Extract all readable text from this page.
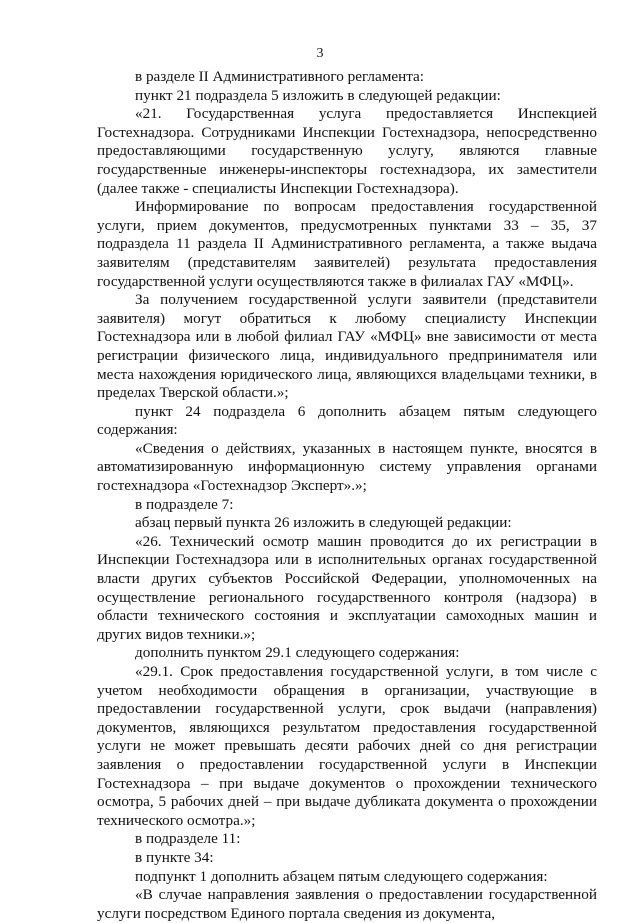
3

в разделе II Административного регламента:

пункт 21 подраздела 5 изложить в следующей редакции:

«21. Государственная услуга предоставляется Инспекцией Гостехнадзора. Сотрудниками Инспекции Гостехнадзора, непосредственно предоставляющими государственную услугу, являются главные государственные инженеры-инспекторы гостехнадзора, их заместители (далее также - специалисты Инспекции Гостехнадзора).

Информирование по вопросам предоставления государственной услуги, прием документов, предусмотренных пунктами 33 – 35, 37 подраздела 11 раздела II Административного регламента, а также выдача заявителям (представителям заявителей) результата предоставления государственной услуги осуществляются также в филиалах ГАУ «МФЦ».

За получением государственной услуги заявители (представители заявителя) могут обратиться к любому специалисту Инспекции Гостехнадзора или в любой филиал ГАУ «МФЦ» вне зависимости от места регистрации физического лица, индивидуального предпринимателя или места нахождения юридического лица, являющихся владельцами техники, в пределах Тверской области.»;

пункт 24 подраздела 6 дополнить абзацем пятым следующего содержания:

«Сведения о действиях, указанных в настоящем пункте, вносятся в автоматизированную информационную систему управления органами гостехнадзора «Гостехнадзор Эксперт».»;

в подразделе 7:

абзац первый пункта 26 изложить в следующей редакции:

«26. Технический осмотр машин проводится до их регистрации в Инспекции Гостехнадзора или в исполнительных органах государственной власти других субъектов Российской Федерации, уполномоченных на осуществление регионального государственного контроля (надзора) в области технического состояния и эксплуатации самоходных машин и других видов техники.»;

дополнить пунктом 29.1 следующего содержания:

«29.1. Срок предоставления государственной услуги, в том числе с учетом необходимости обращения в организации, участвующие в предоставлении государственной услуги, срок выдачи (направления) документов, являющихся результатом предоставления государственной услуги не может превышать десяти рабочих дней со дня регистрации заявления о предоставлении государственной услуги в Инспекции Гостехнадзора – при выдаче документов о прохождении технического осмотра, 5 рабочих дней – при выдаче дубликата документа о прохождении технического осмотра.»;

в подразделе 11:

в пункте 34:

подпункт 1 дополнить абзацем пятым следующего содержания:

«В случае направления заявления о предоставлении государственной услуги посредством Единого портала сведения из документа,
